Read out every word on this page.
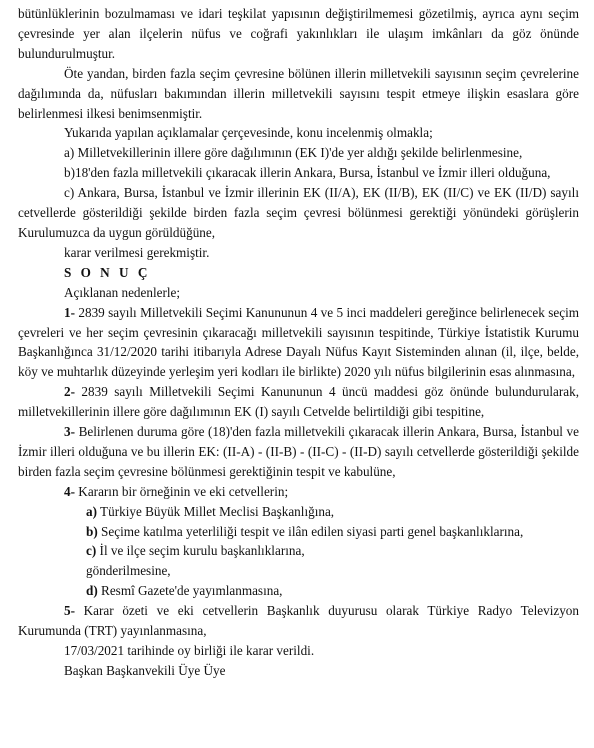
bütünlüklerinin bozulmaması ve idari teşkilat yapısının değiştirilmemesi gözetilmiş, ayrıca aynı seçim çevresinde yer alan ilçelerin nüfus ve coğrafi yakınlıkları ile ulaşım imkânları da göz önünde bulundurulmuştur.

Öte yandan, birden fazla seçim çevresine bölünen illerin milletvekili sayısının seçim çevrelerine dağılımında da, nüfusları bakımından illerin milletvekili sayısını tespit etmeye ilişkin esaslara göre belirlenmesi ilkesi benimsenmiştir.

Yukarıda yapılan açıklamalar çerçevesinde, konu incelenmiş olmakla;

a) Milletvekillerinin illere göre dağılımının (EK I)'de yer aldığı şekilde belirlenmesine,

b)18'den fazla milletvekili çıkaracak illerin Ankara, Bursa, İstanbul ve İzmir illeri olduğuna,

c) Ankara, Bursa, İstanbul ve İzmir illerinin EK (II/A), EK (II/B), EK (II/C) ve EK (II/D) sayılı cetvellerde gösterildiği şekilde birden fazla seçim çevresi bölünmesi gerektiği yönündeki görüşlerin Kurulumuzca da uygun görüldüğüne,

karar verilmesi gerekmiştir.

S O N U Ç

Açıklanan nedenlerle;

1- 2839 sayılı Milletvekili Seçimi Kanununun 4 ve 5 inci maddeleri gereğince belirlenecek seçim çevreleri ve her seçim çevresinin çıkaracağı milletvekili sayısının tespitinde, Türkiye İstatistik Kurumu Başkanlığınca 31/12/2020 tarihi itibarıyla Adrese Dayalı Nüfus Kayıt Sisteminden alınan (il, ilçe, belde, köy ve muhtarlık düzeyinde yerleşim yeri kodları ile birlikte) 2020 yılı nüfus bilgilerinin esas alınmasına,

2- 2839 sayılı Milletvekili Seçimi Kanununun 4 üncü maddesi göz önünde bulundurularak, milletvekillerinin illere göre dağılımının EK (I) sayılı Cetvelde belirtildiği gibi tespitine,

3- Belirlenen duruma göre (18)'den fazla milletvekili çıkaracak illerin Ankara, Bursa, İstanbul ve İzmir illeri olduğuna ve bu illerin EK: (II-A) - (II-B) - (II-C) - (II-D) sayılı cetvellerde gösterildiği şekilde birden fazla seçim çevresine bölünmesi gerektiğinin tespit ve kabulüne,

4- Kararın bir örneğinin ve eki cetvellerin;

a) Türkiye Büyük Millet Meclisi Başkanlığına,

b) Seçime katılma yeterliliği tespit ve ilân edilen siyasi parti genel başkanlıklarına,

c) İl ve ilçe seçim kurulu başkanlıklarına,

gönderilmesine,

d) Resmî Gazete'de yayımlanmasına,

5- Karar özeti ve eki cetvellerin Başkanlık duyurusu olarak Türkiye Radyo Televizyon Kurumunda (TRT) yayınlanmasına,

17/03/2021 tarihinde oy birliği ile karar verildi.

Başkan Başkanvekili Üye Üye
